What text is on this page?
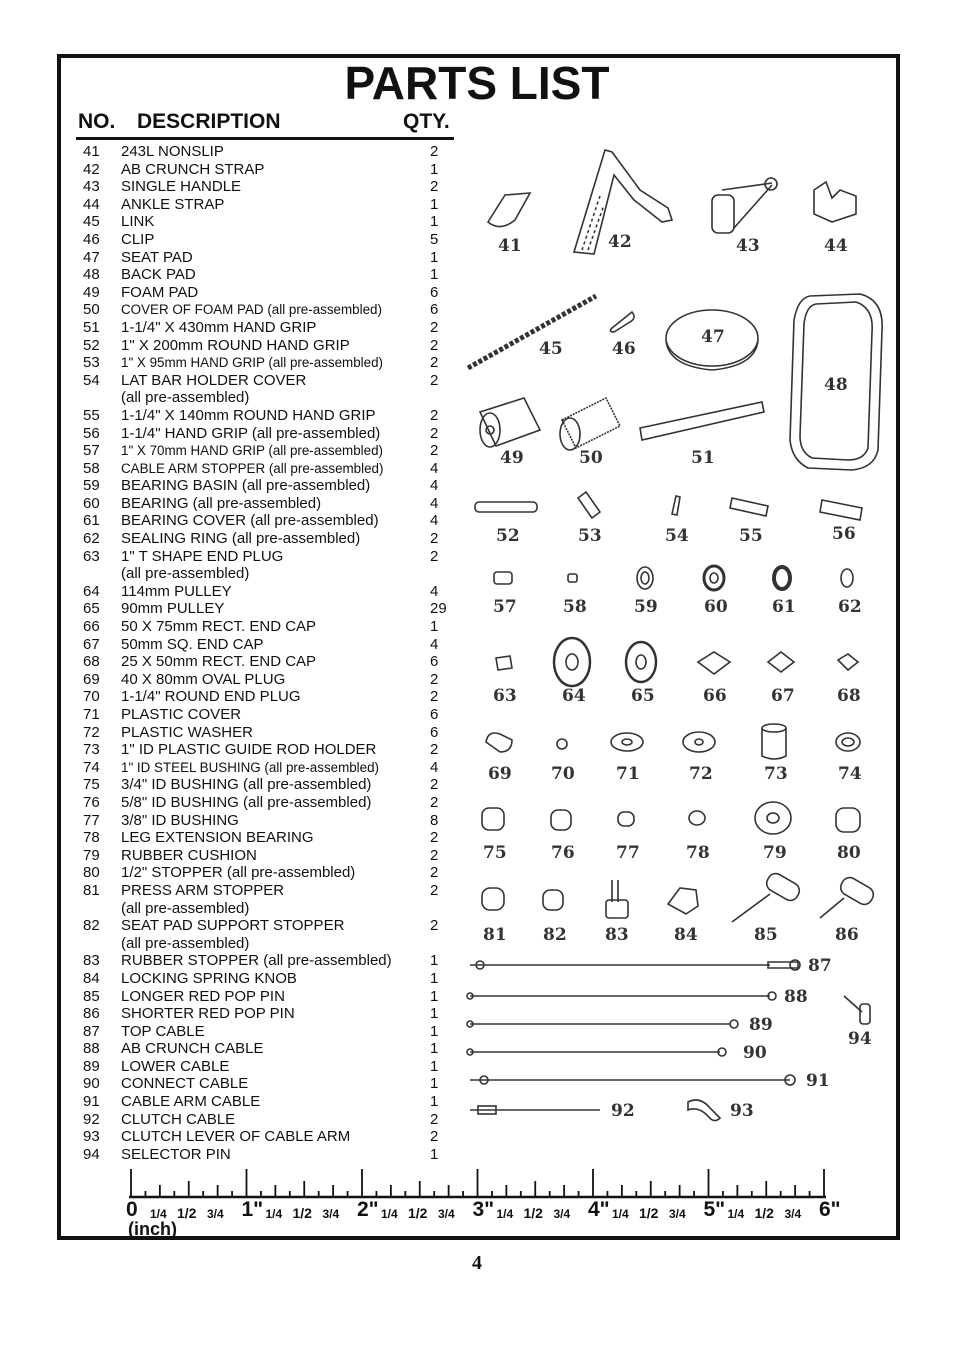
PARTS LIST
NO. DESCRIPTION	QTY.
41 243L NONSLIP	2
42 AB CRUNCH STRAP	1
43 SINGLE HANDLE	2
44 ANKLE STRAP	1
45 LINK	1
46 CLIP	5
47 SEAT PAD	1
48 BACK PAD	1
49 FOAM PAD	6
50 COVER OF FOAM PAD (all pre-assembled)	6
51 1-1/4" X 430mm HAND GRIP	2
52 1" X 200mm ROUND HAND GRIP	2
53 1" X 95mm HAND GRIP (all pre-assembled)	2
54 LAT BAR HOLDER COVER	2
(all pre-assembled)
55 1-1/4" X 140mm ROUND HAND GRIP	2
56 1-1/4" HAND GRIP (all pre-assembled)	2
57 1" X 70mm HAND GRIP (all pre-assembled)	2
58 CABLE ARM STOPPER (all pre-assembled)	4
59 BEARING BASIN (all pre-assembled)	4
60 BEARING (all pre-assembled)	4
61 BEARING COVER (all pre-assembled)	4
62 SEALING RING (all pre-assembled)	2
63 1" T SHAPE END PLUG	2
(all pre-assembled)
64 114mm PULLEY	4
65 90mm PULLEY	29
66 50 X 75mm RECT. END CAP	1
67 50mm SQ. END CAP	4
68 25 X 50mm RECT. END CAP	6
69 40 X 80mm OVAL PLUG	2
70 1-1/4" ROUND END PLUG	2
71 PLASTIC COVER	6
72 PLASTIC WASHER	6
73 1" ID PLASTIC GUIDE ROD HOLDER	2
74 1" ID STEEL BUSHING (all pre-assembled)	4
75 3/4" ID BUSHING (all pre-assembled)	2
76 5/8" ID BUSHING (all pre-assembled)	2
77 3/8" ID BUSHING	8
78 LEG EXTENSION BEARING	2
79 RUBBER CUSHION	2
80 1/2" STOPPER (all pre-assembled)	2
81 PRESS ARM STOPPER	2
(all pre-assembled)
82 SEAT PAD SUPPORT STOPPER	2
(all pre-assembled)
83 RUBBER STOPPER (all pre-assembled)	1
84 LOCKING SPRING KNOB	1
85 LONGER RED POP PIN	1
86 SHORTER RED POP PIN	1
87 TOP CABLE	1
88 AB CRUNCH CABLE	1
89 LOWER CABLE	1
90 CONNECT CABLE	1
91 CABLE ARM CABLE	1
92 CLUTCH CABLE	2
93 CLUTCH LEVER OF CABLE ARM	2
94 SELECTOR PIN	1
41	42	43	44
45	46
47
48
49	50	51
52	53	54	55	56
57	58	59	60	61 62
63	64	65	66	67 68
69 70 71	72	73	74
75	76 77	78	79	80
81 82 83	84	85	86
87
88
89
90
91
92	93
94
0 1/4 1/2 3/4 1" 1/4 1/2 3/4 2" 1/4 1/2 3/4 3" 1/4 1/2 3/4 4" 1/4 1/2 3/4 5" 1/4 1/2 3/4 6"
(inch)
4
